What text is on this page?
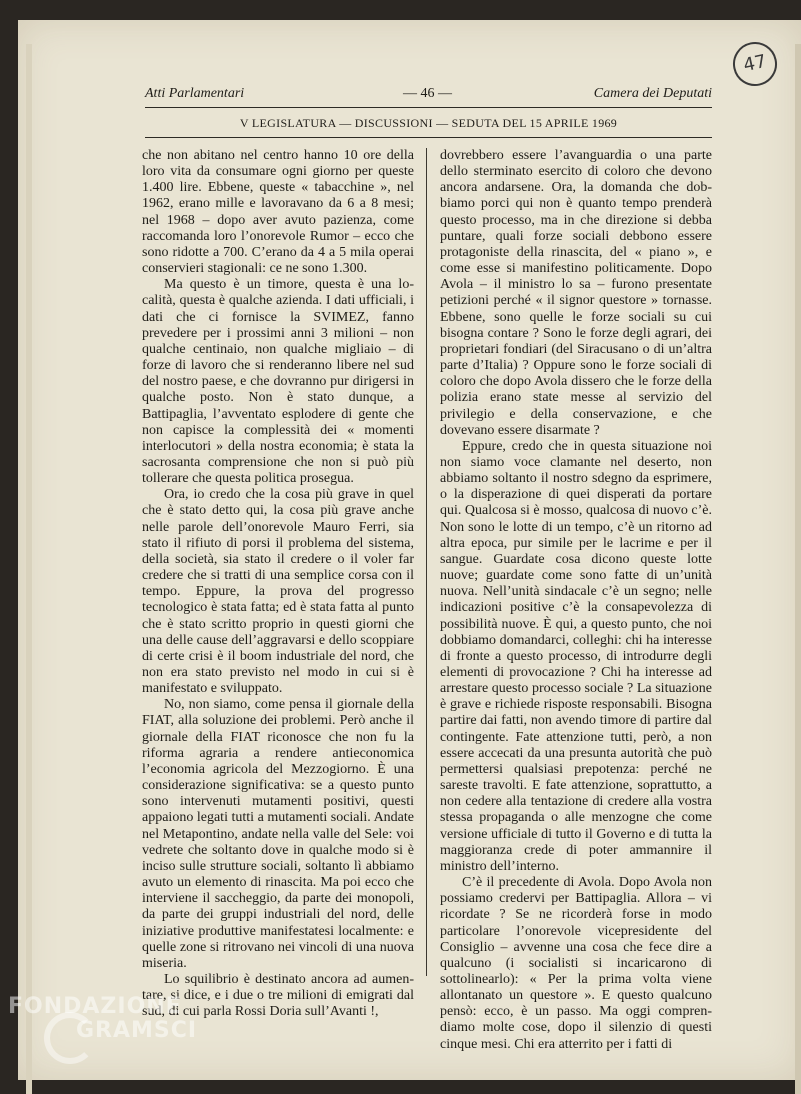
47
Atti Parlamentari	— 46 —	Camera dei Deputati
V LEGISLATURA — DISCUSSIONI — SEDUTA DEL 15 APRILE 1969

che non abitano nel centro hanno 10 ore della loro vita da consumare ogni giorno per queste 1.400 lire. Ebbene, queste « tabacchine », nel 1962, erano mille e lavoravano da 6 a 8 mesi; nel 1968 – dopo aver avuto pazienza, come raccomanda loro l’onorevole Rumor – ecco che sono ridotte a 700. C’erano da 4 a 5 mila operai conservieri stagionali: ce ne sono 1.300.

Ma questo è un timore, questa è una località, questa è qualche azienda. I dati ufficiali, i dati che ci fornisce la SVIMEZ, fanno prevedere per i prossimi anni 3 milioni – non qualche centinaio, non qualche migliaio – di forze di lavoro che si renderanno libere nel sud del nostro paese, e che dovranno pur dirigersi in qualche posto. Non è stato dunque, a Battipaglia, l’avventato esplodere di gente che non capisce la complessità dei « momenti interlocutori » della nostra economia; è stata la sacrosanta comprensione che non si può più tollerare che questa politica prosegua.

Ora, io credo che la cosa più grave in quel che è stato detto qui, la cosa più grave anche nelle parole dell’onorevole Mauro Ferri, sia stato il rifiuto di porsi il problema del sistema, della società, sia stato il credere o il voler far credere che si tratti di una semplice corsa con il tempo. Eppure, la prova del progresso tecnologico è stata fatta; ed è stata fatta al punto che è stato scritto proprio in questi giorni che una delle cause dell’aggravarsi e dello scoppiare di certe crisi è il boom industriale del nord, che non era stato previsto nel modo in cui si è manifestato e sviluppato.

No, non siamo, come pensa il giornale della FIAT, alla soluzione dei problemi. Però anche il giornale della FIAT riconosce che non fu la riforma agraria a rendere antieconomica l’economia agricola del Mezzogiorno. È una considerazione significativa: se a questo punto sono intervenuti mutamenti positivi, questi appaiono legati tutti a mutamenti sociali. Andate nel Metapontino, andate nella valle del Sele: voi vedrete che soltanto dove in qualche modo si è inciso sulle strutture sociali, soltanto lì abbiamo avuto un elemento di rinascita. Ma poi ecco che interviene il saccheggio, da parte dei monopoli, da parte dei gruppi industriali del nord, delle iniziative produttive manifestatesi localmente: e quelle zone si ritrovano nei vincoli di una nuova miseria.

Lo squilibrio è destinato ancora ad aumentare, si dice, e i due o tre milioni di emigrati dal sud, di cui parla Rossi Doria sull’Avanti !,

dovrebbero essere l’avanguardia o una parte dello sterminato esercito di coloro che devono ancora andarsene. Ora, la domanda che dobbiamo porci qui non è quanto tempo prenderà questo processo, ma in che direzione si debba puntare, quali forze sociali debbono essere protagoniste della rinascita, del « piano », e come esse si manifestino politicamente. Dopo Avola – il ministro lo sa – furono presentate petizioni perché « il signor questore » tornasse. Ebbene, sono quelle le forze sociali su cui bisogna contare ? Sono le forze degli agrari, dei proprietari fondiari (del Siracusano o di un’altra parte d’Italia) ? Oppure sono le forze sociali di coloro che dopo Avola dissero che le forze della polizia erano state messe al servizio del privilegio e della conservazione, e che dovevano essere disarmate ?

Eppure, credo che in questa situazione noi non siamo voce clamante nel deserto, non abbiamo soltanto il nostro sdegno da esprimere, o la disperazione di quei disperati da portare qui. Qualcosa si è mosso, qualcosa di nuovo c’è. Non sono le lotte di un tempo, c’è un ritorno ad altra epoca, pur simile per le lacrime e per il sangue. Guardate cosa dicono queste lotte nuove; guardate come sono fatte di un’unità nuova. Nell’unità sindacale c’è un segno; nelle indicazioni positive c’è la consapevolezza di possibilità nuove. È qui, a questo punto, che noi dobbiamo domandarci, colleghi: chi ha interesse di fronte a questo processo, di introdurre degli elementi di provocazione ? Chi ha interesse ad arrestare questo processo sociale ? La situazione è grave e richiede risposte responsabili. Bisogna partire dai fatti, non avendo timore di partire dal contingente. Fate attenzione tutti, però, a non essere accecati da una presunta autorità che può permettersi qualsiasi prepotenza: perché ne sareste travolti. E fate attenzione, soprattutto, a non cedere alla tentazione di credere alla vostra stessa propaganda o alle menzogne che come versione ufficiale di tutto il Governo e di tutta la maggioranza crede di poter ammannire il ministro dell’interno.

C’è il precedente di Avola. Dopo Avola non possiamo credervi per Battipaglia. Allora – vi ricordate ? Se ne ricorderà forse in modo particolare l’onorevole vicepresidente del Consiglio – avvenne una cosa che fece dire a qualcuno (i socialisti si incaricarono di sottolinearlo): « Per la prima volta viene allontanato un questore ». E questo qualcuno pensò: ecco, è un passo. Ma oggi comprendiamo molte cose, dopo il silenzio di questi cinque mesi. Chi era atterrito per i fatti di

FONDAZIONE
GRAMSCI
